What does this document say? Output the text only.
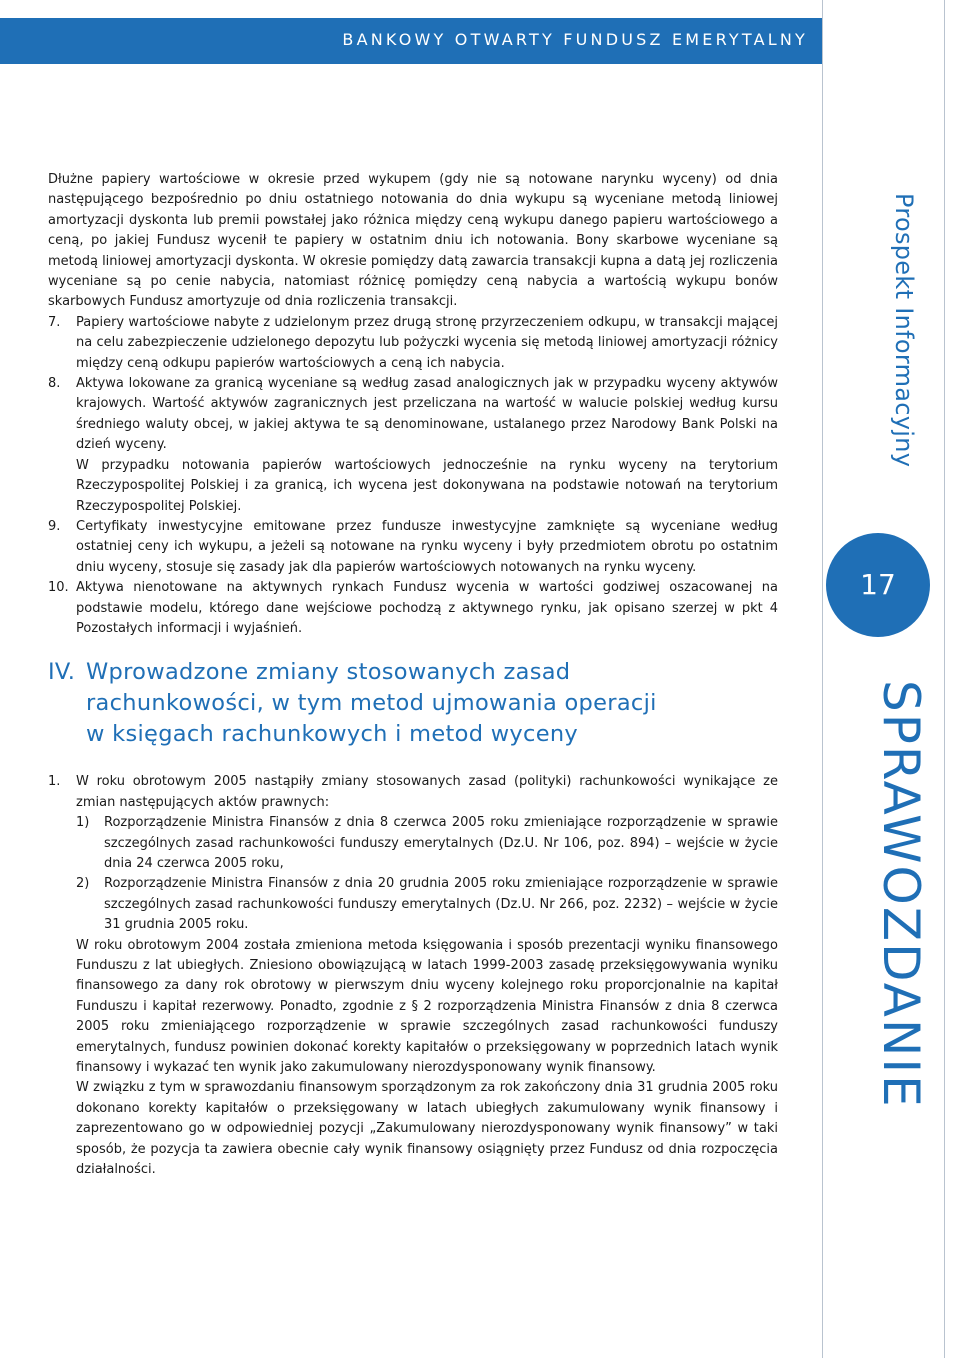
BANKOWY OTWARTY FUNDUSZ EMERYTALNY
Prospekt Informacyjny
17
SPRAWOZDANIE

Dłużne papiery wartościowe w okresie przed wykupem (gdy nie są notowane narynku wyceny) od dnia następującego bezpośrednio po dniu ostatniego notowania do dnia wykupu są wyceniane metodą liniowej amortyzacji dyskonta lub premii powstałej jako różnica między ceną wykupu danego papieru wartościowego a ceną, po jakiej Fundusz wycenił te papiery w ostatnim dniu ich notowania. Bony skarbowe wyceniane są metodą liniowej amortyzacji dyskonta. W okresie pomiędzy datą zawarcia transakcji kupna a datą jej rozliczenia wyceniane są po cenie nabycia, natomiast różnicę pomiędzy ceną nabycia a wartością wykupu bonów skarbowych Fundusz amortyzuje od dnia rozliczenia transakcji.

7. Papiery wartościowe nabyte z udzielonym przez drugą stronę przyrzeczeniem odkupu, w transakcji mającej na celu zabezpieczenie udzielonego depozytu lub pożyczki wycenia się metodą liniowej amortyzacji różnicy między ceną odkupu papierów wartościowych a ceną ich nabycia.

8. Aktywa lokowane za granicą wyceniane są według zasad analogicznych jak w przypadku wyceny aktywów krajowych. Wartość aktywów zagranicznych jest przeliczana na wartość w walucie polskiej według kursu średniego waluty obcej, w jakiej aktywa te są denominowane, ustalanego przez Narodowy Bank Polski na dzień wyceny.

W przypadku notowania papierów wartościowych jednocześnie na rynku wyceny na terytorium Rzeczypospolitej Polskiej i za granicą, ich wycena jest dokonywana na podstawie notowań na terytorium Rzeczypospolitej Polskiej.

9. Certyfikaty inwestycyjne emitowane przez fundusze inwestycyjne zamknięte są wyceniane według ostatniej ceny ich wykupu, a jeżeli są notowane na rynku wyceny i były przedmiotem obrotu po ostatnim dniu wyceny, stosuje się zasady jak dla papierów wartościowych notowanych na rynku wyceny.

10. Aktywa nienotowane na aktywnych rynkach Fundusz wycenia w wartości godziwej oszacowanej na podstawie modelu, którego dane wejściowe pochodzą z aktywnego rynku, jak opisano szerzej w pkt 4 Pozostałych informacji i wyjaśnień.

IV. Wprowadzone zmiany stosowanych zasad
rachunkowości, w tym metod ujmowania operacji
w księgach rachunkowych i metod wyceny
1. W roku obrotowym 2005 nastąpiły zmiany stosowanych zasad (polityki) rachunkowości wynikające ze zmian następujących aktów prawnych:

1) Rozporządzenie Ministra Finansów z dnia 8 czerwca 2005 roku zmieniające rozporządzenie w sprawie szczególnych zasad rachunkowości funduszy emerytalnych (Dz.U. Nr 106, poz. 894) – wejście w życie dnia 24 czerwca 2005 roku,

2) Rozporządzenie Ministra Finansów z dnia 20 grudnia 2005 roku zmieniające rozporządzenie w sprawie szczególnych zasad rachunkowości funduszy emerytalnych (Dz.U. Nr 266, poz. 2232) – wejście w życie 31 grudnia 2005 roku.

W roku obrotowym 2004 została zmieniona metoda księgowania i sposób prezentacji wyniku finansowego Funduszu z lat ubiegłych. Zniesiono obowiązującą w latach 1999-2003 zasadę przeksięgowywania wyniku finansowego za dany rok obrotowy w pierwszym dniu wyceny kolejnego roku proporcjonalnie na kapitał Funduszu i kapitał rezerwowy. Ponadto, zgodnie z § 2 rozporządzenia Ministra Finansów z dnia 8 czerwca 2005 roku zmieniającego rozporządzenie w sprawie szczególnych zasad rachunkowości funduszy emerytalnych, fundusz powinien dokonać korekty kapitałów o przeksięgowany w poprzednich latach wynik finansowy i wykazać ten wynik jako zakumulowany nierozdysponowany wynik finansowy.

W związku z tym w sprawozdaniu finansowym sporządzonym za rok zakończony dnia 31 grudnia 2005 roku dokonano korekty kapitałów o przeksięgowany w latach ubiegłych zakumulowany wynik finansowy i zaprezentowano go w odpowiedniej pozycji „Zakumulowany nierozdysponowany wynik finansowy” w taki sposób, że pozycja ta zawiera obecnie cały wynik finansowy osiągnięty przez Fundusz od dnia rozpoczęcia działalności.
